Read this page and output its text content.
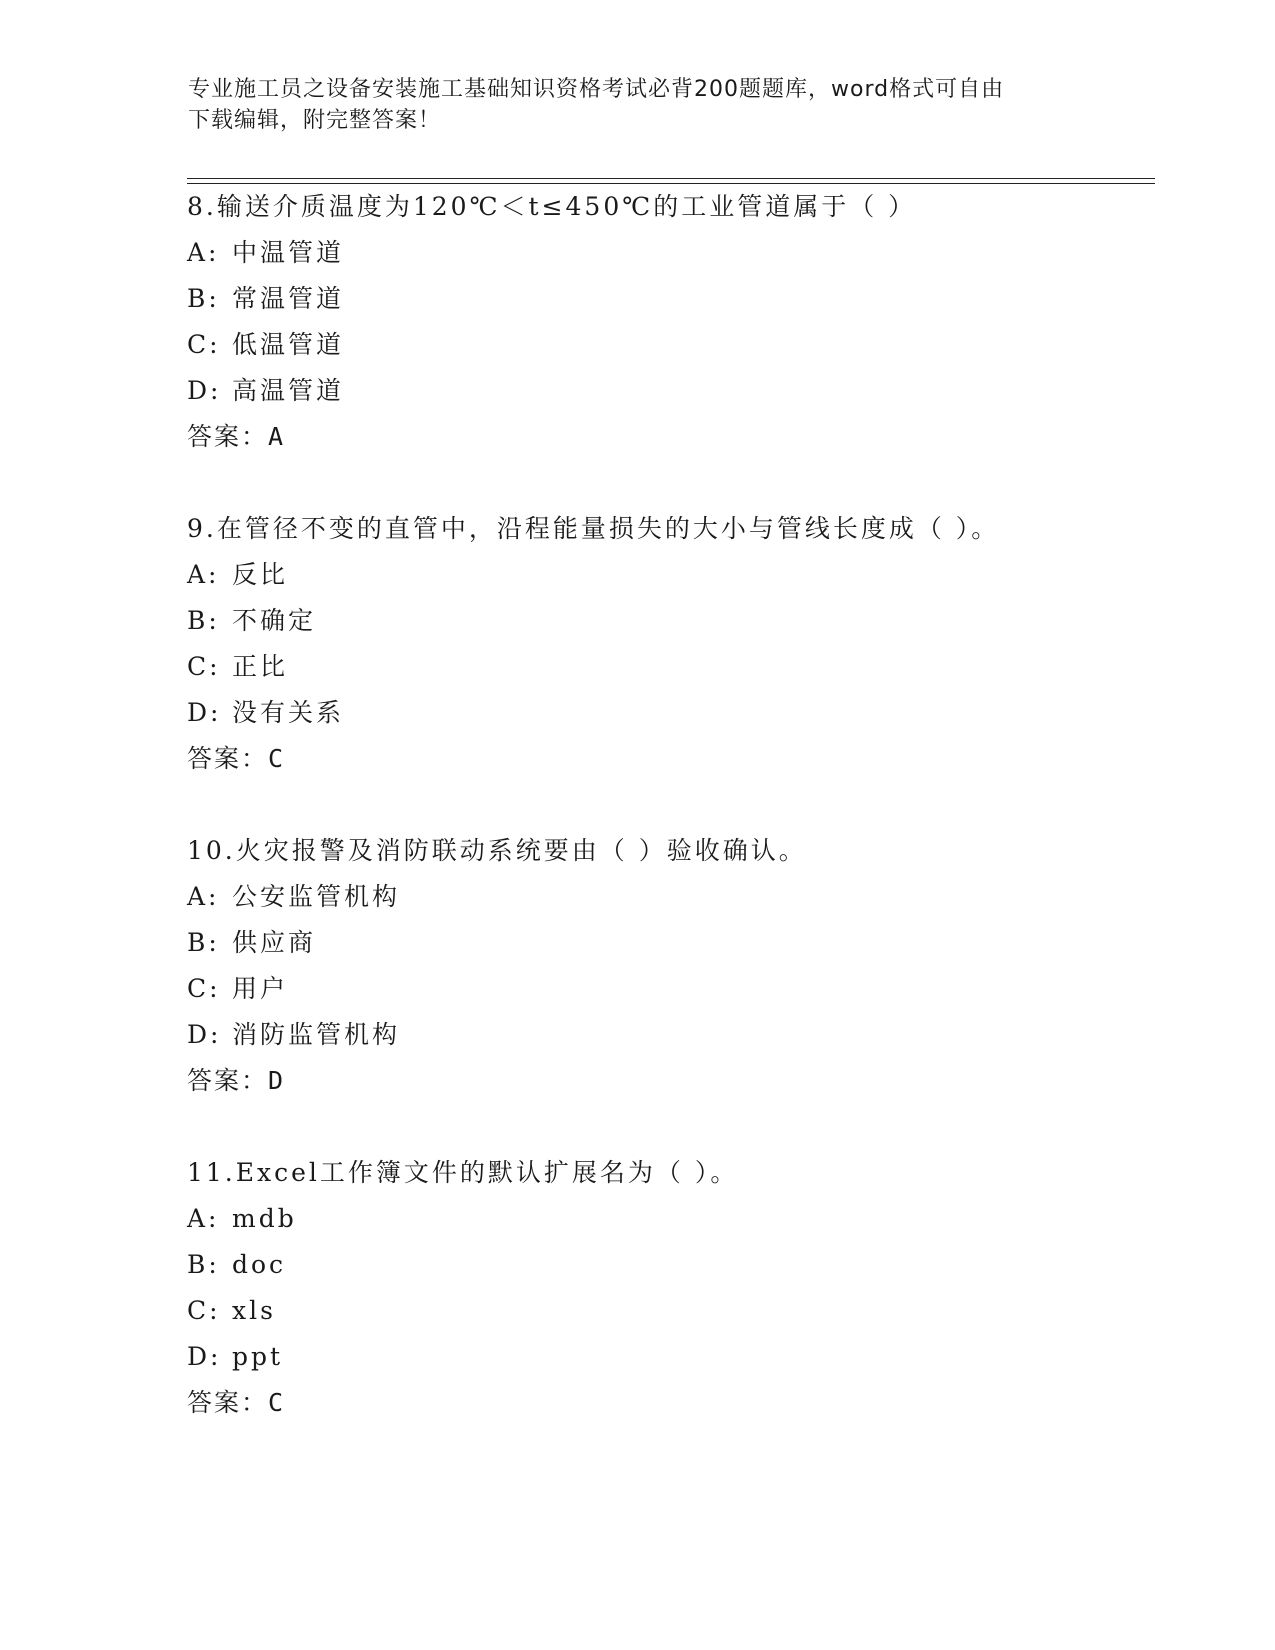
专业施工员之设备安装施工基础知识资格考试必背200题题库，word格式可自由
下载编辑，附完整答案！
8.输送介质温度为120℃＜t≤450℃的工业管道属于（ ）
A: 中温管道
B: 常温管道
C: 低温管道
D: 高温管道
答案：A
9.在管径不变的直管中，沿程能量损失的大小与管线长度成（ ）。
A: 反比
B: 不确定
C: 正比
D: 没有关系
答案：C
10.火灾报警及消防联动系统要由（ ）验收确认。
A: 公安监管机构
B: 供应商
C: 用户
D: 消防监管机构
答案：D
11.Excel工作簿文件的默认扩展名为（ ）。
A: mdb
B: doc
C: xls
D: ppt
答案：C
